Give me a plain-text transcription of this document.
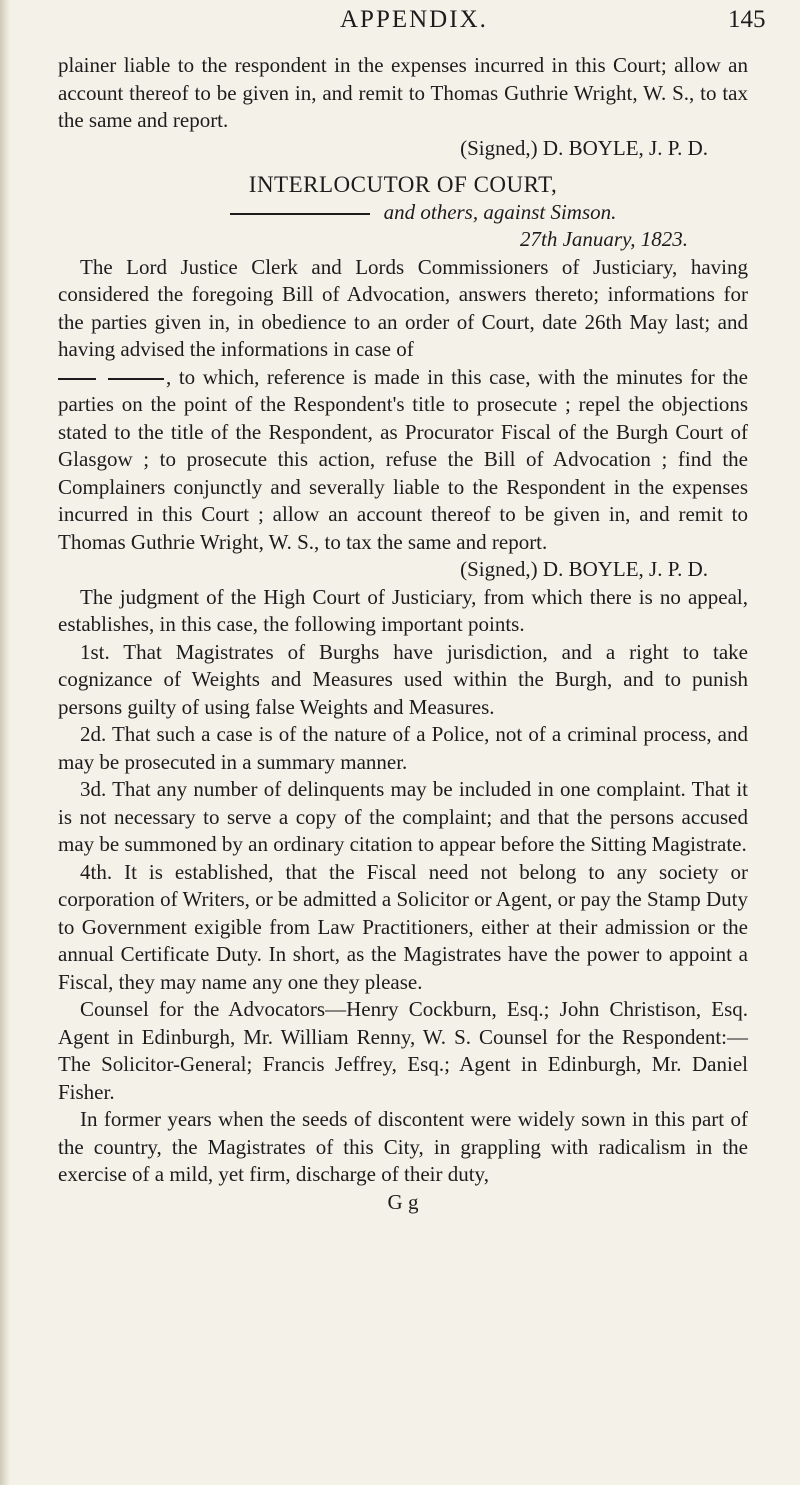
APPENDIX.	145

plainer liable to the respondent in the expenses incurred in this Court; allow an account thereof to be given in, and remit to Thomas Guthrie Wright, W. S., to tax the same and report.

(Signed,) D. BOYLE, J. P. D.

INTERLOCUTOR OF COURT,

and others, against Simson.

27th January, 1823.

The Lord Justice Clerk and Lords Commissioners of Justiciary, having considered the foregoing Bill of Advocation, answers thereto; informations for the parties given in, in obedience to an order of Court, date 26th May last; and having advised the informations in case of

, to which, reference is made in this case, with the minutes for the parties on the point of the Respondent's title to prosecute ; repel the objections stated to the title of the Respondent, as Procurator Fiscal of the Burgh Court of Glasgow ; to prosecute this action, refuse the Bill of Advocation ; find the Complainers conjunctly and severally liable to the Respondent in the expenses incurred in this Court ; allow an account thereof to be given in, and remit to Thomas Guthrie Wright, W. S., to tax the same and report.

(Signed,) D. BOYLE, J. P. D.

The judgment of the High Court of Justiciary, from which there is no appeal, establishes, in this case, the following important points.

1st. That Magistrates of Burghs have jurisdiction, and a right to take cognizance of Weights and Measures used within the Burgh, and to punish persons guilty of using false Weights and Measures.

2d. That such a case is of the nature of a Police, not of a criminal process, and may be prosecuted in a summary manner.

3d. That any number of delinquents may be included in one complaint. That it is not necessary to serve a copy of the complaint; and that the persons accused may be summoned by an ordinary citation to appear before the Sitting Magistrate.

4th. It is established, that the Fiscal need not belong to any society or corporation of Writers, or be admitted a Solicitor or Agent, or pay the Stamp Duty to Government exigible from Law Practitioners, either at their admission or the annual Certificate Duty. In short, as the Magistrates have the power to appoint a Fiscal, they may name any one they please.

Counsel for the Advocators—Henry Cockburn, Esq.; John Christison, Esq. Agent in Edinburgh, Mr. William Renny, W. S. Counsel for the Respondent:—The Solicitor-General; Francis Jeffrey, Esq.; Agent in Edinburgh, Mr. Daniel Fisher.

In former years when the seeds of discontent were widely sown in this part of the country, the Magistrates of this City, in grappling with radicalism in the exercise of a mild, yet firm, discharge of their duty,

G g
